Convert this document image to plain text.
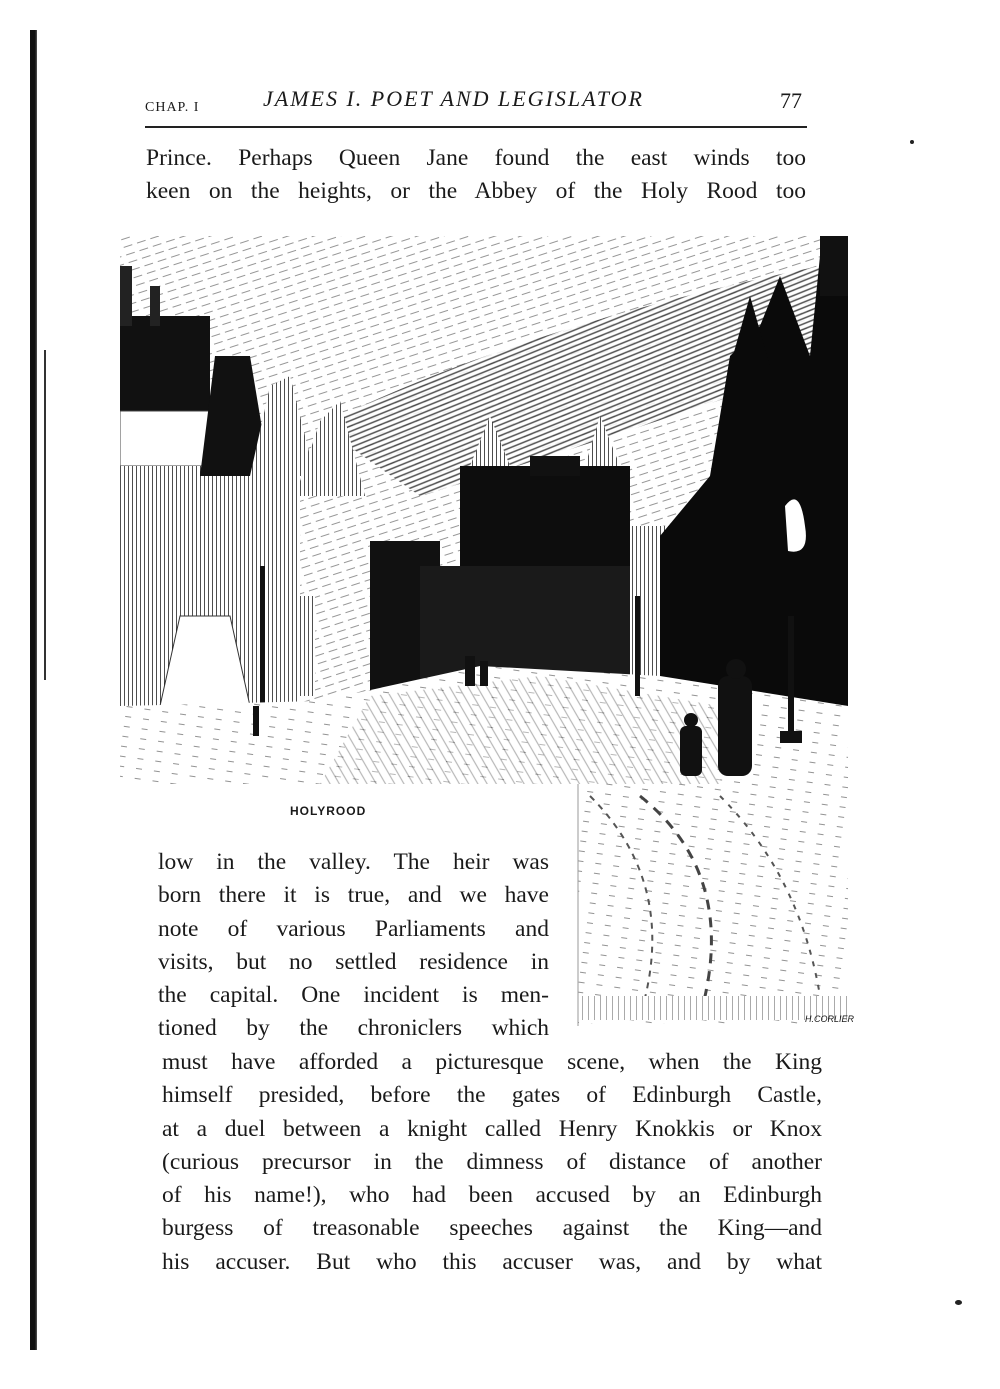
CHAP. I	JAMES I. POET AND LEGISLATOR	77
Prince. Perhaps Queen Jane found the east winds too
keen on the heights, or the Abbey of the Holy Rood too
HOLYROOD
H.CORLIER
low in the valley. The heir was
born there it is true, and we have
note of various Parliaments and
visits, but no settled residence in
the capital. One incident is men-
tioned by the chroniclers which
must have afforded a picturesque scene, when the King
himself presided, before the gates of Edinburgh Castle,
at a duel between a knight called Henry Knokkis or Knox
(curious precursor in the dimness of distance of another
of his name!), who had been accused by an Edinburgh
burgess of treasonable speeches against the King—and
his accuser. But who this accuser was, and by what
